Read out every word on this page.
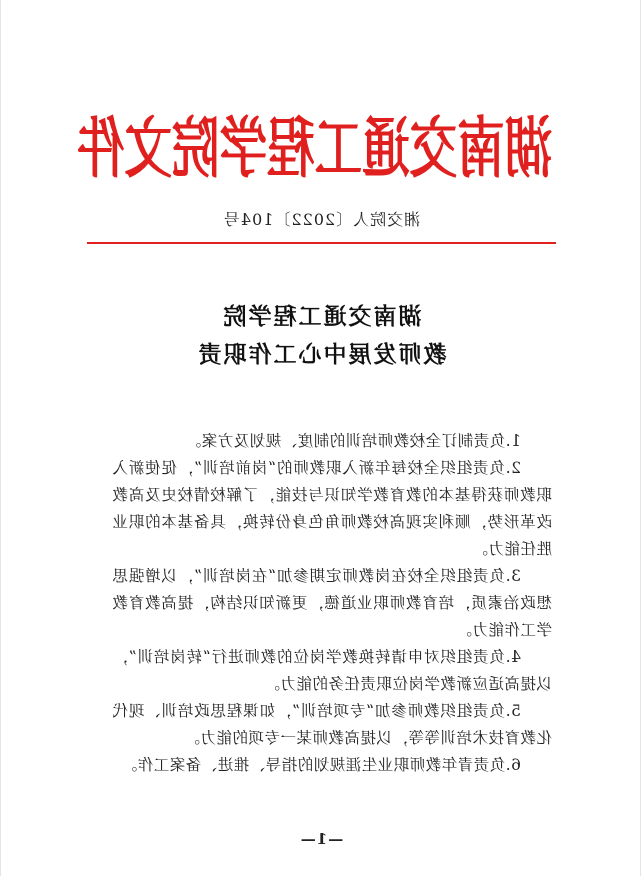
湖南交通工程学院文件
湘交院人〔2022〕104号
湖南交通工程学院
教师发展中心工作职责

1.负责制订全校教师培训的制度、规划及方案。

2.负责组织全校每年新入职教师的“岗前培训”，促使新入职教师获得基本的教育教学知识与技能，了解校情校史及高教改革形势，顺利实现高校教师角色身份转换，具备基本的职业胜任能力。

3.负责组织全校在岗教师定期参加“在岗培训”，以增强思想政治素质，培育教师职业道德，更新知识结构，提高教育教学工作能力。

4.负责组织对申请转换教学岗位的教师进行“转岗培训”，以提高适应新教学岗位职责任务的能力。

5.负责组织教师参加“专项培训”，如课程思政培训、现代化教育技术培训等等，以提高教师某一专项的能力。

6.负责青年教师职业生涯规划的指导、推进、备案工作。

—1—
